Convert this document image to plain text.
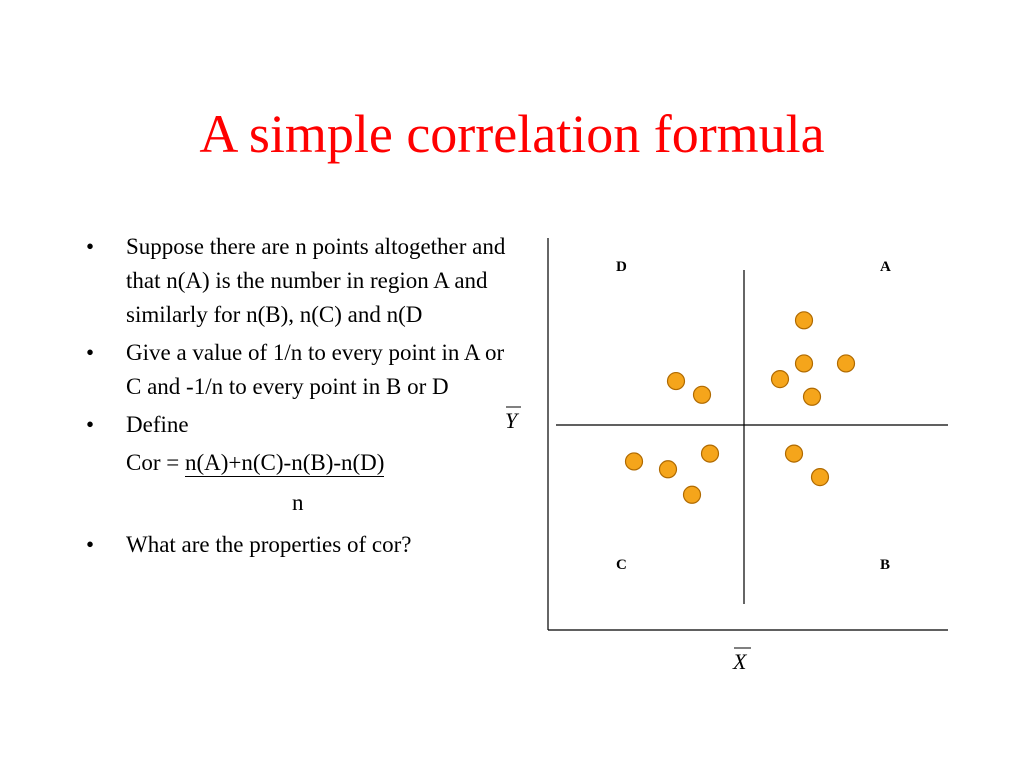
A simple correlation formula
• Suppose there are n points altogether and that n(A) is the number in region A and similarly for n(B), n(C) and n(D
• Give a value of 1/n to every point in A or C and -1/n to every point in B or D
• Define
Cor = n(A)+n(C)-n(B)-n(D)
n
• What are the properties of cor?
D	A
C	B
Y
X
